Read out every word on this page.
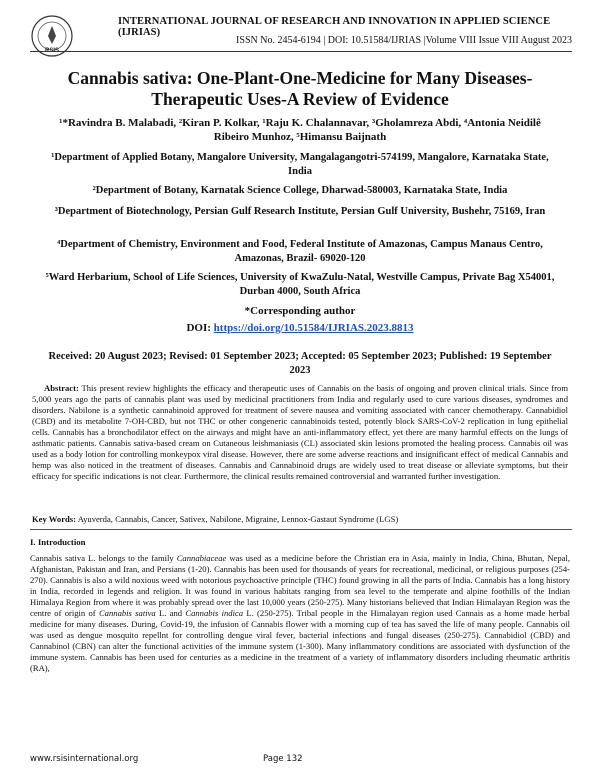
RSIS
INTERNATIONAL JOURNAL OF RESEARCH AND INNOVATION IN APPLIED SCIENCE (IJRIAS)
ISSN No. 2454-6194 | DOI: 10.51584/IJRIAS |Volume VIII Issue VIII August 2023
Cannabis sativa: One-Plant-One-Medicine for Many Diseases-Therapeutic Uses-A Review of Evidence
¹*Ravindra B. Malabadi, ²Kiran P. Kolkar, ¹Raju K. Chalannavar, ³Gholamreza Abdi, ⁴Antonia Neidilê Ribeiro Munhoz, ⁵Himansu Baijnath
¹Department of Applied Botany, Mangalore University, Mangalagangotri-574199, Mangalore, Karnataka State, India
²Department of Botany, Karnatak Science College, Dharwad-580003, Karnataka State, India
³Department of Biotechnology, Persian Gulf Research Institute, Persian Gulf University, Bushehr, 75169, Iran
⁴Department of Chemistry, Environment and Food, Federal Institute of Amazonas, Campus Manaus Centro, Amazonas, Brazil- 69020-120
⁵Ward Herbarium, School of Life Sciences, University of KwaZulu-Natal, Westville Campus, Private Bag X54001, Durban 4000, South Africa
*Corresponding author
DOI: https://doi.org/10.51584/IJRIAS.2023.8813
Received: 20 August 2023; Revised: 01 September 2023; Accepted: 05 September 2023; Published: 19 September 2023
Abstract: This present review highlights the efficacy and therapeutic uses of Cannabis on the basis of ongoing and proven clinical trials. Since from 5,000 years ago the parts of cannabis plant was used by medicinal practitioners from India and regularly used to cure various diseases, syndromes and disorders. Nabilone is a synthetic cannabinoid approved for treatment of severe nausea and vomiting associated with cancer chemotherapy. Cannabidiol (CBD) and its metabolite 7-OH-CBD, but not THC or other congeneric cannabinoids tested, potently block SARS-CoV-2 replication in lung epithelial cells. Cannabis has a bronchodilator effect on the airways and might have an anti-inflammatory effect, yet there are many harmful effects on the lungs of asthmatic patients. Cannabis sativa-based cream on Cutaneous leishmaniasis (CL) associated skin lesions promoted the healing process. Cannabis oil was used as a body lotion for controlling monkeypox viral disease. However, there are some adverse reactions and insignificant effect of medical Cannabis and hemp was also noticed in the treatment of diseases. Cannabis and Cannabinoid drugs are widely used to treat disease or alleviate symptoms, but their efficacy for specific indications is not clear. Furthermore, the clinical results remained controversial and warranted further investigation.
Key Words: Ayuverda, Cannabis, Cancer, Sativex, Nabilone, Migraine, Lennox-Gastaut Syndrome (LGS)
I. Introduction
Cannabis sativa L. belongs to the family Cannabiaceae was used as a medicine before the Christian era in Asia, mainly in India, China, Bhutan, Nepal, Afghanistan, Pakistan and Iran, and Persians (1-20). Cannabis has been used for thousands of years for recreational, medicinal, or religious purposes (254-270). Cannabis is also a wild noxious weed with notorious psychoactive principle (THC) found growing in all the parts of India. Cannabis has a long history in India, recorded in legends and religion. It was found in various habitats ranging from sea level to the temperate and alpine foothills of the Indian Himalaya Region from where it was probably spread over the last 10,000 years (250-275). Many historians believed that Indian Himalayan Region was the centre of origin of Cannabis sativa L. and Cannabis indica L. (250-275). Tribal people in the Himalayan region used Cannais as a home made herbal medicine for many diseases. During, Covid-19, the infusion of Cannabis flower with a morning cup of tea has saved the life of many people. Cannabis oil was used as dengue mosquito repellnt for controlling dengue viral fever, bacterial infections and fungal diseases (250-275). Cannabidiol (CBD) and Cannabinol (CBN) can alter the functional activities of the immune system (1-300). Many inflammatory conditions are associated with dysfunction of the immune system. Cannabis has been used for centuries as a medicine in the treatment of a variety of inflammatory disorders including rheumatic arthritis (RA),
www.rsisinternational.org	Page 132
